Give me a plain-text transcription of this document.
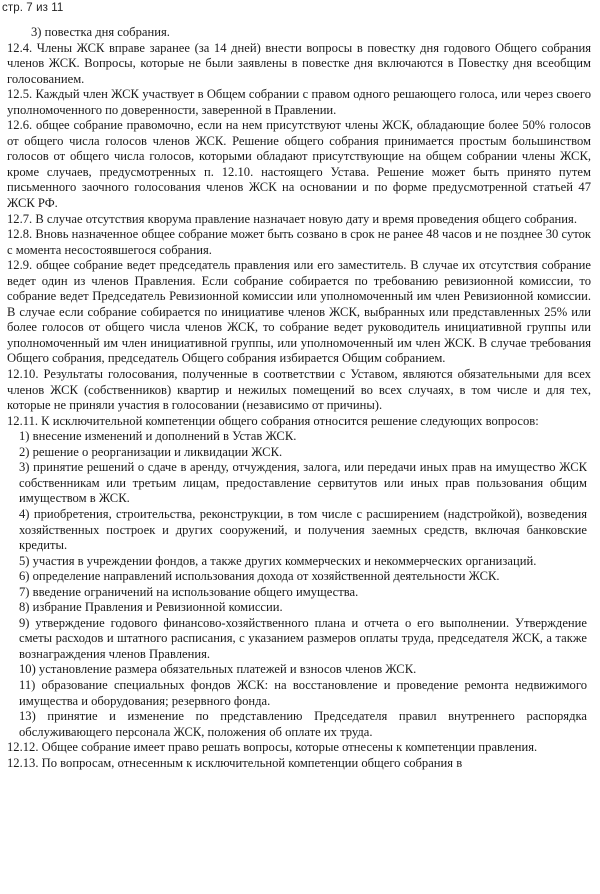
стр. 7 из 11

3) повестка дня собрания.

12.4. Члены ЖСК вправе заранее (за 14 дней) внести вопросы в повестку дня годового Общего собрания членов ЖСК. Вопросы, которые не были заявлены в повестке дня включаются в Повестку дня всеобщим голосованием.

12.5. Каждый член ЖСК участвует в Общем собрании с правом одного решающего голоса, или через своего уполномоченного по доверенности, заверенной в Правлении.

12.6. общее собрание правомочно, если на нем присутствуют члены ЖСК, обладающие более 50% голосов от общего числа голосов членов ЖСК. Решение общего собрания принимается простым большинством голосов от общего числа голосов, которыми обладают присутствующие на общем собрании члены ЖСК, кроме случаев, предусмотренных п. 12.10. настоящего Устава. Решение может быть принято путем письменного заочного голосования членов ЖСК на основании и по форме предусмотренной статьей 47 ЖСК РФ.

12.7. В случае отсутствия кворума правление назначает новую дату и время проведения общего собрания.

12.8. Вновь назначенное общее собрание может быть созвано в срок не ранее 48 часов и не позднее 30 суток с момента несостоявшегося собрания.

12.9. общее собрание ведет председатель правления или его заместитель. В случае их отсутствия собрание ведет один из членов Правления. Если собрание собирается по требованию ревизионной комиссии, то собрание ведет Председатель Ревизионной комиссии или уполномоченный им член Ревизионной комиссии. В случае если собрание собирается по инициативе членов ЖСК, выбранных или представленных 25% или более голосов от общего числа членов ЖСК, то собрание ведет руководитель инициативной группы или уполномоченный им член инициативной группы, или уполномоченный им член ЖСК. В случае требования Общего собрания, председатель Общего собрания избирается Общим собранием.

12.10. Результаты голосования, полученные в соответствии с Уставом, являются обязательными для всех членов ЖСК (собственников) квартир и нежилых помещений во всех случаях, в том числе и для тех, которые не приняли участия в голосовании (независимо от причины).

12.11. К исключительной компетенции общего собрания относится решение следующих вопросов:

1) внесение изменений и дополнений в Устав ЖСК.

2) решение о реорганизации и ликвидации ЖСК.

3) принятие решений о сдаче в аренду, отчуждения, залога, или передачи иных прав на имущество ЖСК собственникам или третьим лицам, предоставление сервитутов или иных прав пользования общим имуществом в ЖСК.

4) приобретения, строительства, реконструкции, в том числе с расширением (надстройкой), возведения хозяйственных построек и других сооружений, и получения заемных средств, включая банковские кредиты.

5) участия в учреждении фондов, а также других коммерческих и некоммерческих организаций.

6) определение направлений использования дохода от хозяйственной деятельности ЖСК.

7) введение ограничений на использование общего имущества.

8) избрание Правления и Ревизионной комиссии.

9) утверждение годового финансово-хозяйственного плана и отчета о его выполнении. Утверждение сметы расходов и штатного расписания, с указанием размеров оплаты труда, председателя ЖСК, а также вознаграждения членов Правления.

10) установление размера обязательных платежей и взносов членов ЖСК.

11) образование специальных фондов ЖСК: на восстановление и проведение ремонта недвижимого имущества и оборудования; резервного фонда.

13) принятие и изменение по представлению Председателя правил внутреннего распорядка обслуживающего персонала ЖСК, положения об оплате их труда.

12.12. Общее собрание имеет право решать вопросы, которые отнесены к компетенции правления.

12.13. По вопросам, отнесенным к исключительной компетенции общего собрания в
